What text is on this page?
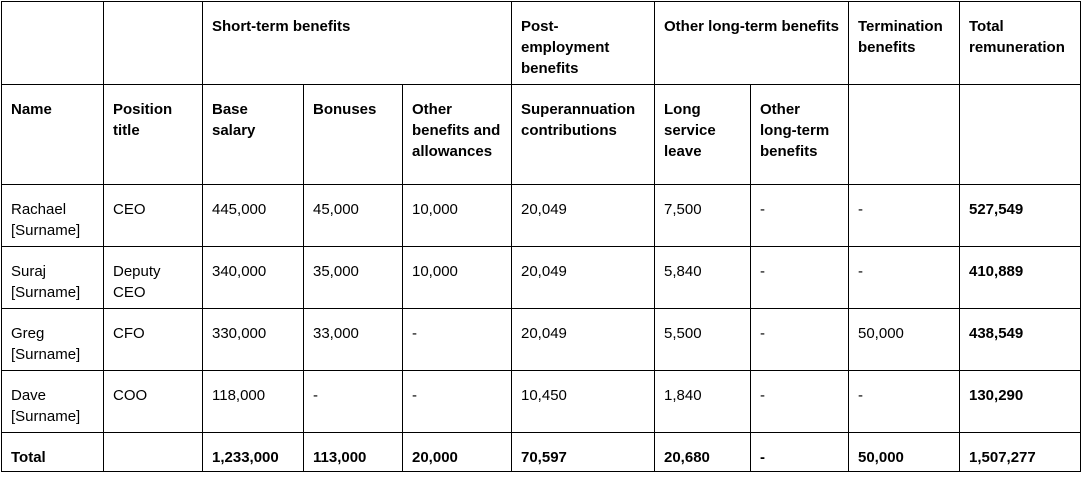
		Short-term benefits			Post-employment benefits	Other long-term benefits		Termination benefits	Total remuneration
Name	Position title	Base salary	Bonuses	Other benefits and allowances	Superannuation contributions	Long service leave	Other long-term benefits		
Rachael [Surname]	CEO	445,000	45,000	10,000	20,049	7,500	-	-	527,549
Suraj [Surname]	Deputy CEO	340,000	35,000	10,000	20,049	5,840	-	-	410,889
Greg [Surname]	CFO	330,000	33,000	-	20,049	5,500	-	50,000	438,549
Dave [Surname]	COO	118,000	-	-	10,450	1,840	-	-	130,290
Total		1,233,000	113,000	20,000	70,597	20,680	-	50,000	1,507,277
